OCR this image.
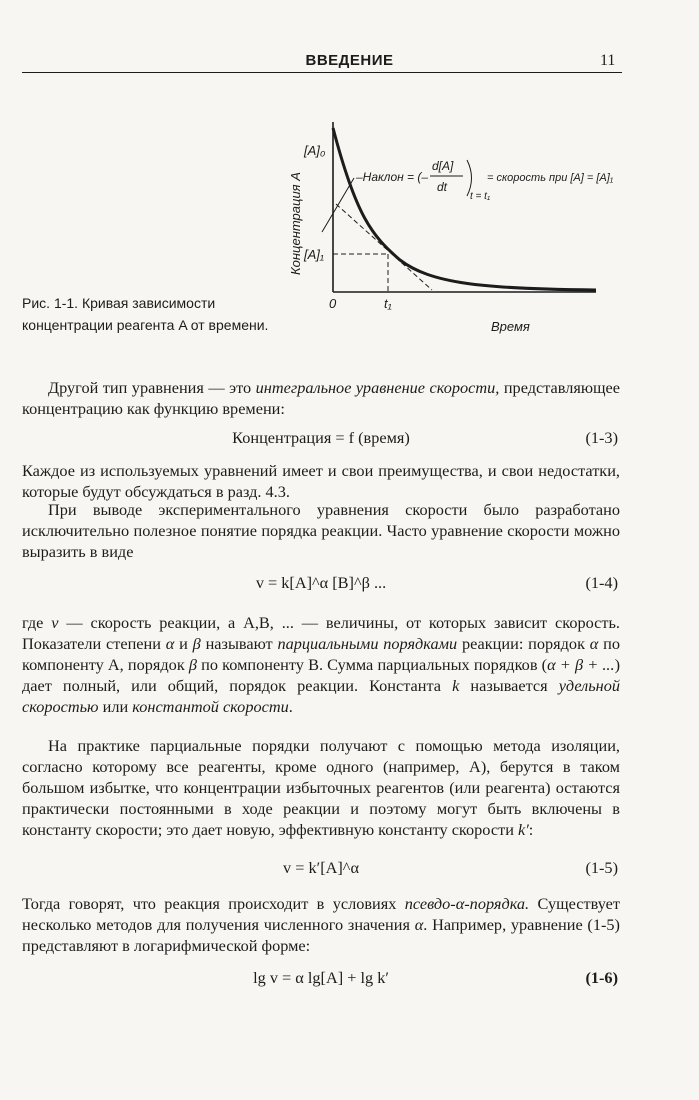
ВВЕДЕНИЕ	11
[A]₀
[A]₁
0	t₁
Время
Концентрация A	–Наклон = (–
d[A]
dt
t = t₁
= скорость при [A] = [A]₁
Рис. 1-1. Кривая зависимости концентрации реагента A от времени.
Другой тип уравнения — это интегральное уравнение скорости, представляющее концентрацию как функцию времени:
Концентрация = f (время)	(1-3)
Каждое из используемых уравнений имеет и свои преимущества, и свои недостатки, которые будут обсуждаться в разд. 4.3.
При выводе экспериментального уравнения скорости было разработано исключительно полезное понятие порядка реакции. Часто уравнение скорости можно выразить в виде
v = k[A]^α [B]^β ...	(1-4)
где v — скорость реакции, а A,B, ... — величины, от которых зависит скорость. Показатели степени α и β называют парциальными порядками реакции: порядок α по компоненту A, порядок β по компоненту B. Сумма парциальных порядков (α + β + ...) дает полный, или общий, порядок реакции. Константа k называется удельной скоростью или константой скорости.
На практике парциальные порядки получают с помощью метода изоляции, согласно которому все реагенты, кроме одного (например, A), берутся в таком большом избытке, что концентрации избыточных реагентов (или реагента) остаются практически постоянными в ходе реакции и поэтому могут быть включены в константу скорости; это дает новую, эффективную константу скорости k′:
v = k′[A]^α	(1-5)
Тогда говорят, что реакция происходит в условиях псевдо-α-порядка. Существует несколько методов для получения численного значения α. Например, уравнение (1-5) представляют в логарифмической форме:
lg v = α lg[A] + lg k′	(1-6)
